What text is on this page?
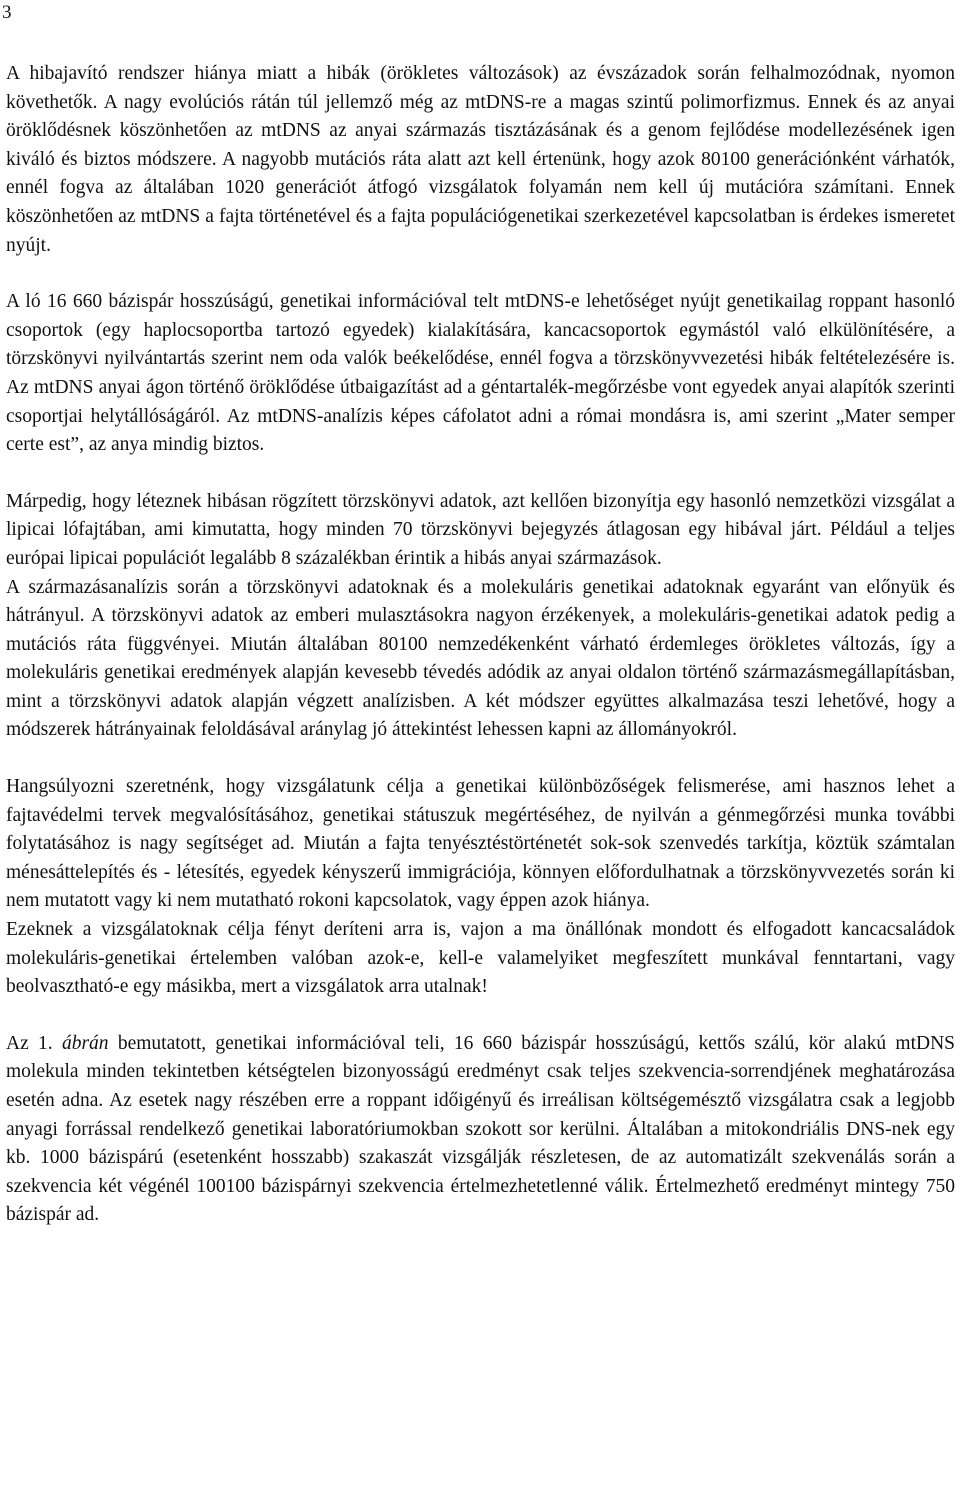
3

A hibajavító rendszer hiánya miatt a hibák (örökletes változások) az évszázadok során felhalmozódnak, nyomon követhetők. A nagy evolúciós rátán túl jellemző még az mtDNS-re a magas szintű polimorfizmus. Ennek és az anyai öröklődésnek köszönhetően az mtDNS az anyai származás tisztázásának és a genom fejlődése modellezésének igen kiváló és biztos módszere. A nagyobb mutációs ráta alatt azt kell értenünk, hogy azok 80100 generációnként várhatók, ennél fogva az általában 1020 generációt átfogó vizsgálatok folyamán nem kell új mutációra számítani. Ennek köszönhetően az mtDNS a fajta történetével és a fajta populációgenetikai szerkezetével kapcsolatban is érdekes ismeretet nyújt.

A ló 16 660 bázispár hosszúságú, genetikai információval telt mtDNS-e lehetőséget nyújt genetikailag roppant hasonló csoportok (egy haplocsoportba tartozó egyedek) kialakítására, kancacsoportok egymástól való elkülönítésére, a törzskönyvi nyilvántartás szerint nem oda valók beékelődése, ennél fogva a törzskönyvvezetési hibák feltételezésére is. Az mtDNS anyai ágon történő öröklődése útbaigazítást ad a géntartalék-megőrzésbe vont egyedek anyai alapítók szerinti csoportjai helytállóságáról. Az mtDNS-analízis képes cáfolatot adni a római mondásra is, ami szerint „Mater semper certe est”, az anya mindig biztos.

Márpedig, hogy léteznek hibásan rögzített törzskönyvi adatok, azt kellően bizonyítja egy hasonló nemzetközi vizsgálat a lipicai lófajtában, ami kimutatta, hogy minden 70 törzskönyvi bejegyzés átlagosan egy hibával járt. Például a teljes európai lipicai populációt legalább 8 százalékban érintik a hibás anyai származások.

A származásanalízis során a törzskönyvi adatoknak és a molekuláris genetikai adatoknak egyaránt van előnyük és hátrányul. A törzskönyvi adatok az emberi mulasztásokra nagyon érzékenyek, a molekuláris-genetikai adatok pedig a mutációs ráta függvényei. Miután általában 80100 nemzedékenként várható érdemleges örökletes változás, így a molekuláris genetikai eredmények alapján kevesebb tévedés adódik az anyai oldalon történő származásmegállapításban, mint a törzskönyvi adatok alapján végzett analízisben. A két módszer együttes alkalmazása teszi lehetővé, hogy a módszerek hátrányainak feloldásával aránylag jó áttekintést lehessen kapni az állományokról.

Hangsúlyozni szeretnénk, hogy vizsgálatunk célja a genetikai különbözőségek felismerése, ami hasznos lehet a fajtavédelmi tervek megvalósításához, genetikai státuszuk megértéséhez, de nyilván a génmegőrzési munka további folytatásához is nagy segítséget ad. Miután a fajta tenyésztéstörténetét sok-sok szenvedés tarkítja, köztük számtalan ménesáttelepítés és - létesítés, egyedek kényszerű immigrációja, könnyen előfordulhatnak a törzskönyvvezetés során ki nem mutatott vagy ki nem mutatható rokoni kapcsolatok, vagy éppen azok hiánya.

Ezeknek a vizsgálatoknak célja fényt deríteni arra is, vajon a ma önállónak mondott és elfogadott kancacsaládok molekuláris-genetikai értelemben valóban azok-e, kell-e valamelyiket megfeszített munkával fenntartani, vagy beolvasztható-e egy másikba, mert a vizsgálatok arra utalnak!

Az 1. ábrán bemutatott, genetikai információval teli, 16 660 bázispár hosszúságú, kettős szálú, kör alakú mtDNS molekula minden tekintetben kétségtelen bizonyosságú eredményt csak teljes szekvencia-sorrendjének meghatározása esetén adna. Az esetek nagy részében erre a roppant időigényű és irreálisan költségemésztő vizsgálatra csak a legjobb anyagi forrással rendelkező genetikai laboratóriumokban szokott sor kerülni. Általában a mitokondriális DNS-nek egy kb. 1000 bázispárú (esetenként hosszabb) szakaszát vizsgálják részletesen, de az automatizált szekvenálás során a szekvencia két végénél 100100 bázispárnyi szekvencia értelmezhetetlenné válik. Értelmezhető eredményt mintegy 750 bázispár ad.
